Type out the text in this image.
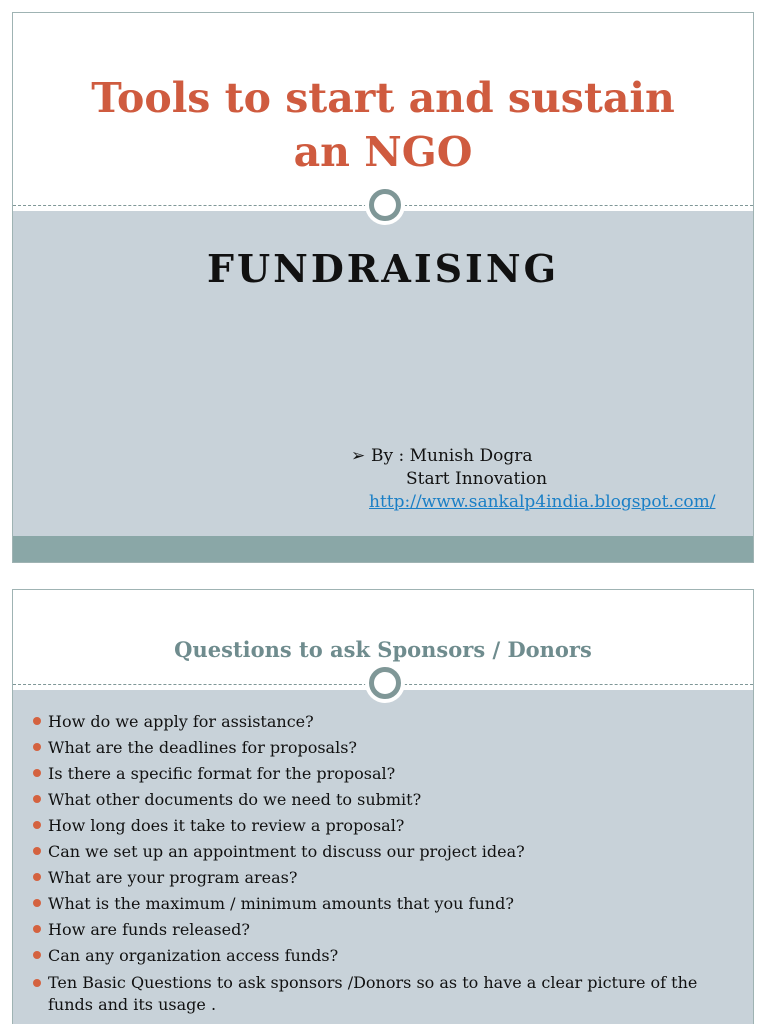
Tools to start and sustain
an NGO
FUNDRAISING
➢ By : Munish Dogra
Start Innovation
http://www.sankalp4india.blogspot.com/
Questions to ask Sponsors / Donors
How do we apply for assistance?
What are the deadlines for proposals?
Is there a specific format for the proposal?
What other documents do we need to submit?
How long does it take to review a proposal?
Can we set up an appointment to discuss our project idea?
What are your program areas?
What is the maximum / minimum amounts that you fund?
How are funds released?
Can any organization access funds?
Ten Basic Questions to ask sponsors /Donors so as to have a clear picture of the funds and its usage .
